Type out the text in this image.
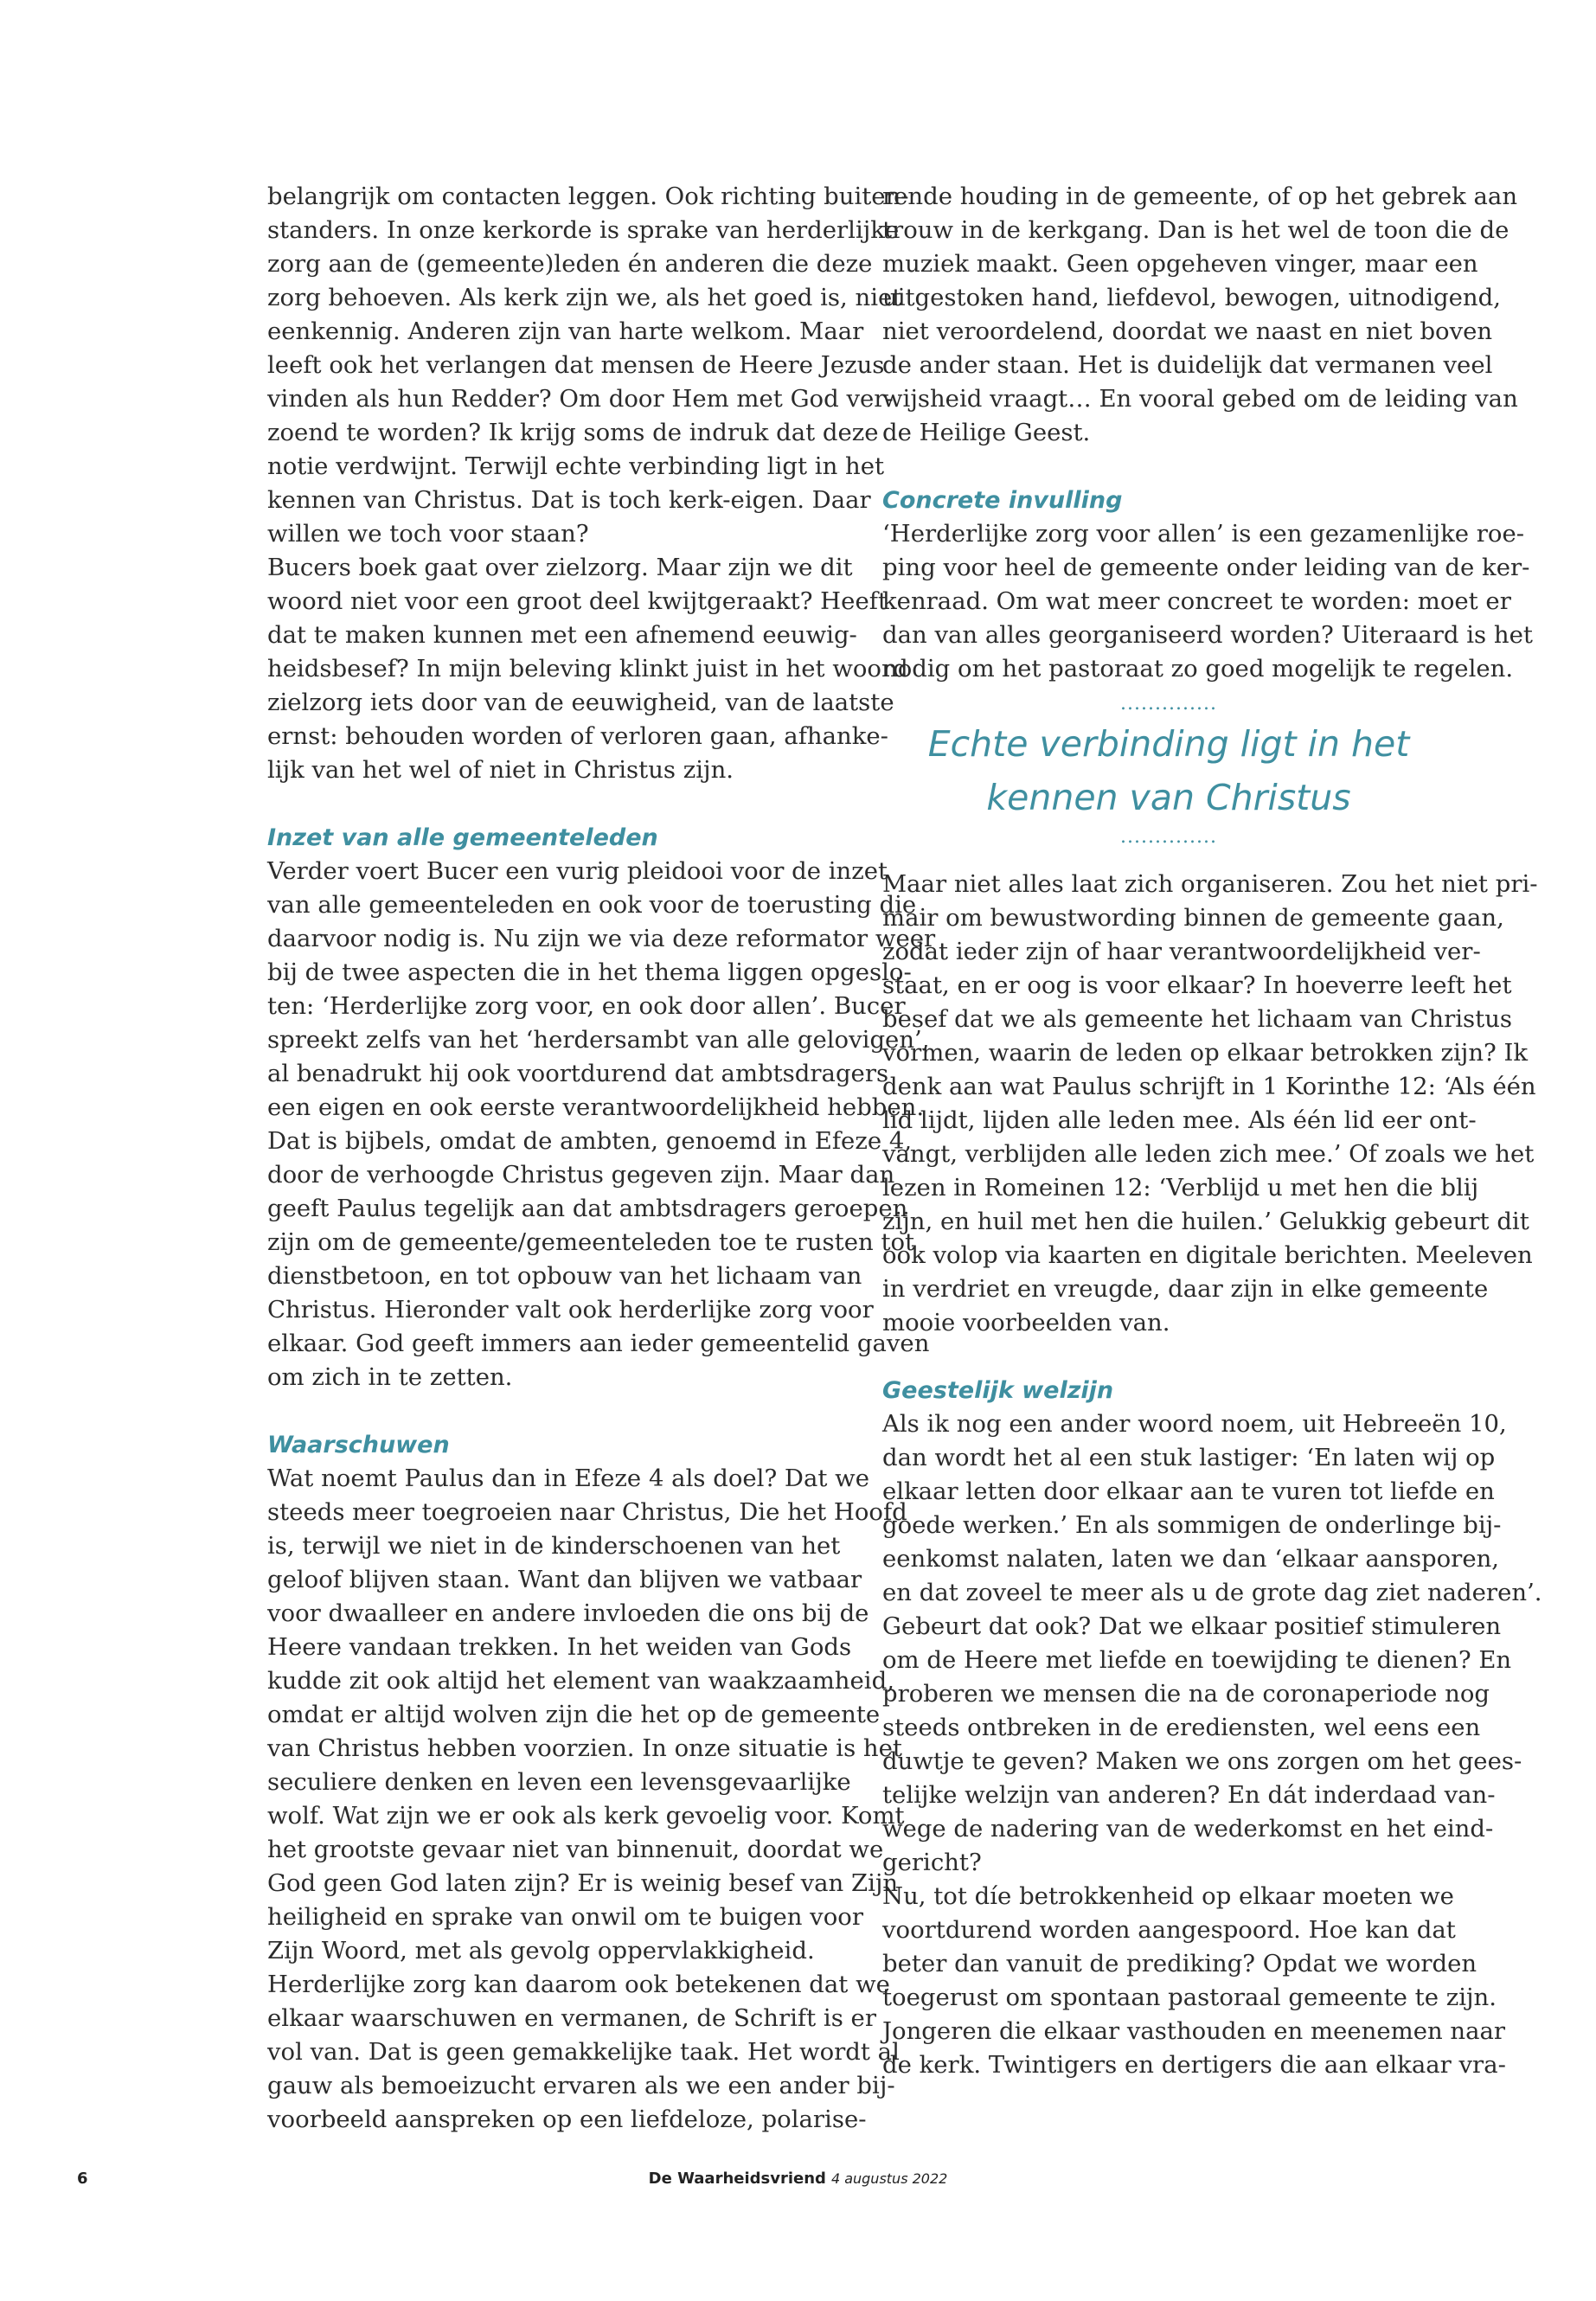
belangrijk om contacten leggen. Ook richting buiten-
standers. In onze kerkorde is sprake van herderlijke
zorg aan de (gemeente)leden én anderen die deze
zorg behoeven. Als kerk zijn we, als het goed is, niet
eenkennig. Anderen zijn van harte welkom. Maar
leeft ook het verlangen dat mensen de Heere Jezus
vinden als hun Redder? Om door Hem met God ver-
zoend te worden? Ik krijg soms de indruk dat deze
notie verdwijnt. Terwijl echte verbinding ligt in het
kennen van Christus. Dat is toch kerk-eigen. Daar
willen we toch voor staan?
Bucers boek gaat over zielzorg. Maar zijn we dit
woord niet voor een groot deel kwijtgeraakt? Heeft
dat te maken kunnen met een afnemend eeuwig-
heidsbesef? In mijn beleving klinkt juist in het woord
zielzorg iets door van de eeuwigheid, van de laatste
ernst: behouden worden of verloren gaan, afhanke-
lijk van het wel of niet in Christus zijn.

Inzet van alle gemeenteleden

Verder voert Bucer een vurig pleidooi voor de inzet
van alle gemeenteleden en ook voor de toerusting die
daarvoor nodig is. Nu zijn we via deze reformator weer
bij de twee aspecten die in het thema liggen opgeslo-
ten: ‘Herderlijke zorg voor, en ook door allen’. Bucer
spreekt zelfs van het ‘herdersambt van alle gelovigen’,
al benadrukt hij ook voortdurend dat ambtsdragers
een eigen en ook eerste verantwoordelijkheid hebben.
Dat is bijbels, omdat de ambten, genoemd in Efeze 4,
door de verhoogde Christus gegeven zijn. Maar dan
geeft Paulus tegelijk aan dat ambtsdragers geroepen
zijn om de gemeente/gemeenteleden toe te rusten tot
dienstbetoon, en tot opbouw van het lichaam van
Christus. Hieronder valt ook herderlijke zorg voor
elkaar. God geeft immers aan ieder gemeentelid gaven
om zich in te zetten.

Waarschuwen

Wat noemt Paulus dan in Efeze 4 als doel? Dat we
steeds meer toegroeien naar Christus, Die het Hoofd
is, terwijl we niet in de kinderschoenen van het
geloof blijven staan. Want dan blijven we vatbaar
voor dwaalleer en andere invloeden die ons bij de
Heere vandaan trekken. In het weiden van Gods
kudde zit ook altijd het element van waakzaamheid,
omdat er altijd wolven zijn die het op de gemeente
van Christus hebben voorzien. In onze situatie is het
seculiere denken en leven een levensgevaarlijke
wolf. Wat zijn we er ook als kerk gevoelig voor. Komt
het grootste gevaar niet van binnenuit, doordat we
God geen God laten zijn? Er is weinig besef van Zijn
heiligheid en sprake van onwil om te buigen voor
Zijn Woord, met als gevolg oppervlakkigheid.
Herderlijke zorg kan daarom ook betekenen dat we
elkaar waarschuwen en vermanen, de Schrift is er
vol van. Dat is geen gemakkelijke taak. Het wordt al
gauw als bemoeizucht ervaren als we een ander bij-
voorbeeld aanspreken op een liefdeloze, polarise-

rende houding in de gemeente, of op het gebrek aan
trouw in de kerkgang. Dan is het wel de toon die de
muziek maakt. Geen opgeheven vinger, maar een
uitgestoken hand, liefdevol, bewogen, uitnodigend,
niet veroordelend, doordat we naast en niet boven
de ander staan. Het is duidelijk dat vermanen veel
wijsheid vraagt… En vooral gebed om de leiding van
de Heilige Geest.

Concrete invulling

‘Herderlijke zorg voor allen’ is een gezamenlijke roe-
ping voor heel de gemeente onder leiding van de ker-
kenraad. Om wat meer concreet te worden: moet er
dan van alles georganiseerd worden? Uiteraard is het
nodig om het pastoraat zo goed mogelijk te regelen.

..............
Echte verbinding ligt in het
kennen van Christus
..............

Maar niet alles laat zich organiseren. Zou het niet pri-
mair om bewustwording binnen de gemeente gaan,
zodat ieder zijn of haar verantwoordelijkheid ver-
staat, en er oog is voor elkaar? In hoeverre leeft het
besef dat we als gemeente het lichaam van Christus
vormen, waarin de leden op elkaar betrokken zijn? Ik
denk aan wat Paulus schrijft in 1 Korinthe 12: ‘Als één
lid lijdt, lijden alle leden mee. Als één lid eer ont-
vangt, verblijden alle leden zich mee.’ Of zoals we het
lezen in Romeinen 12: ‘Verblijd u met hen die blij
zijn, en huil met hen die huilen.’ Gelukkig gebeurt dit
ook volop via kaarten en digitale berichten. Meeleven
in verdriet en vreugde, daar zijn in elke gemeente
mooie voorbeelden van.

Geestelijk welzijn

Als ik nog een ander woord noem, uit Hebreeën 10,
dan wordt het al een stuk lastiger: ‘En laten wij op
elkaar letten door elkaar aan te vuren tot liefde en
goede werken.’ En als sommigen de onderlinge bij-
eenkomst nalaten, laten we dan ‘elkaar aansporen,
en dat zoveel te meer als u de grote dag ziet naderen’.
Gebeurt dat ook? Dat we elkaar positief stimuleren
om de Heere met liefde en toewijding te dienen? En
proberen we mensen die na de coronaperiode nog
steeds ontbreken in de erediensten, wel eens een
duwtje te geven? Maken we ons zorgen om het gees-
telijke welzijn van anderen? En dát inderdaad van-
wege de nadering van de wederkomst en het eind-
gericht?
Nu, tot díe betrokkenheid op elkaar moeten we
voortdurend worden aangespoord. Hoe kan dat
beter dan vanuit de prediking? Opdat we worden
toegerust om spontaan pastoraal gemeente te zijn.
Jongeren die elkaar vasthouden en meenemen naar
de kerk. Twintigers en dertigers die aan elkaar vra-

6	De Waarheidsvriend 4 augustus 2022
